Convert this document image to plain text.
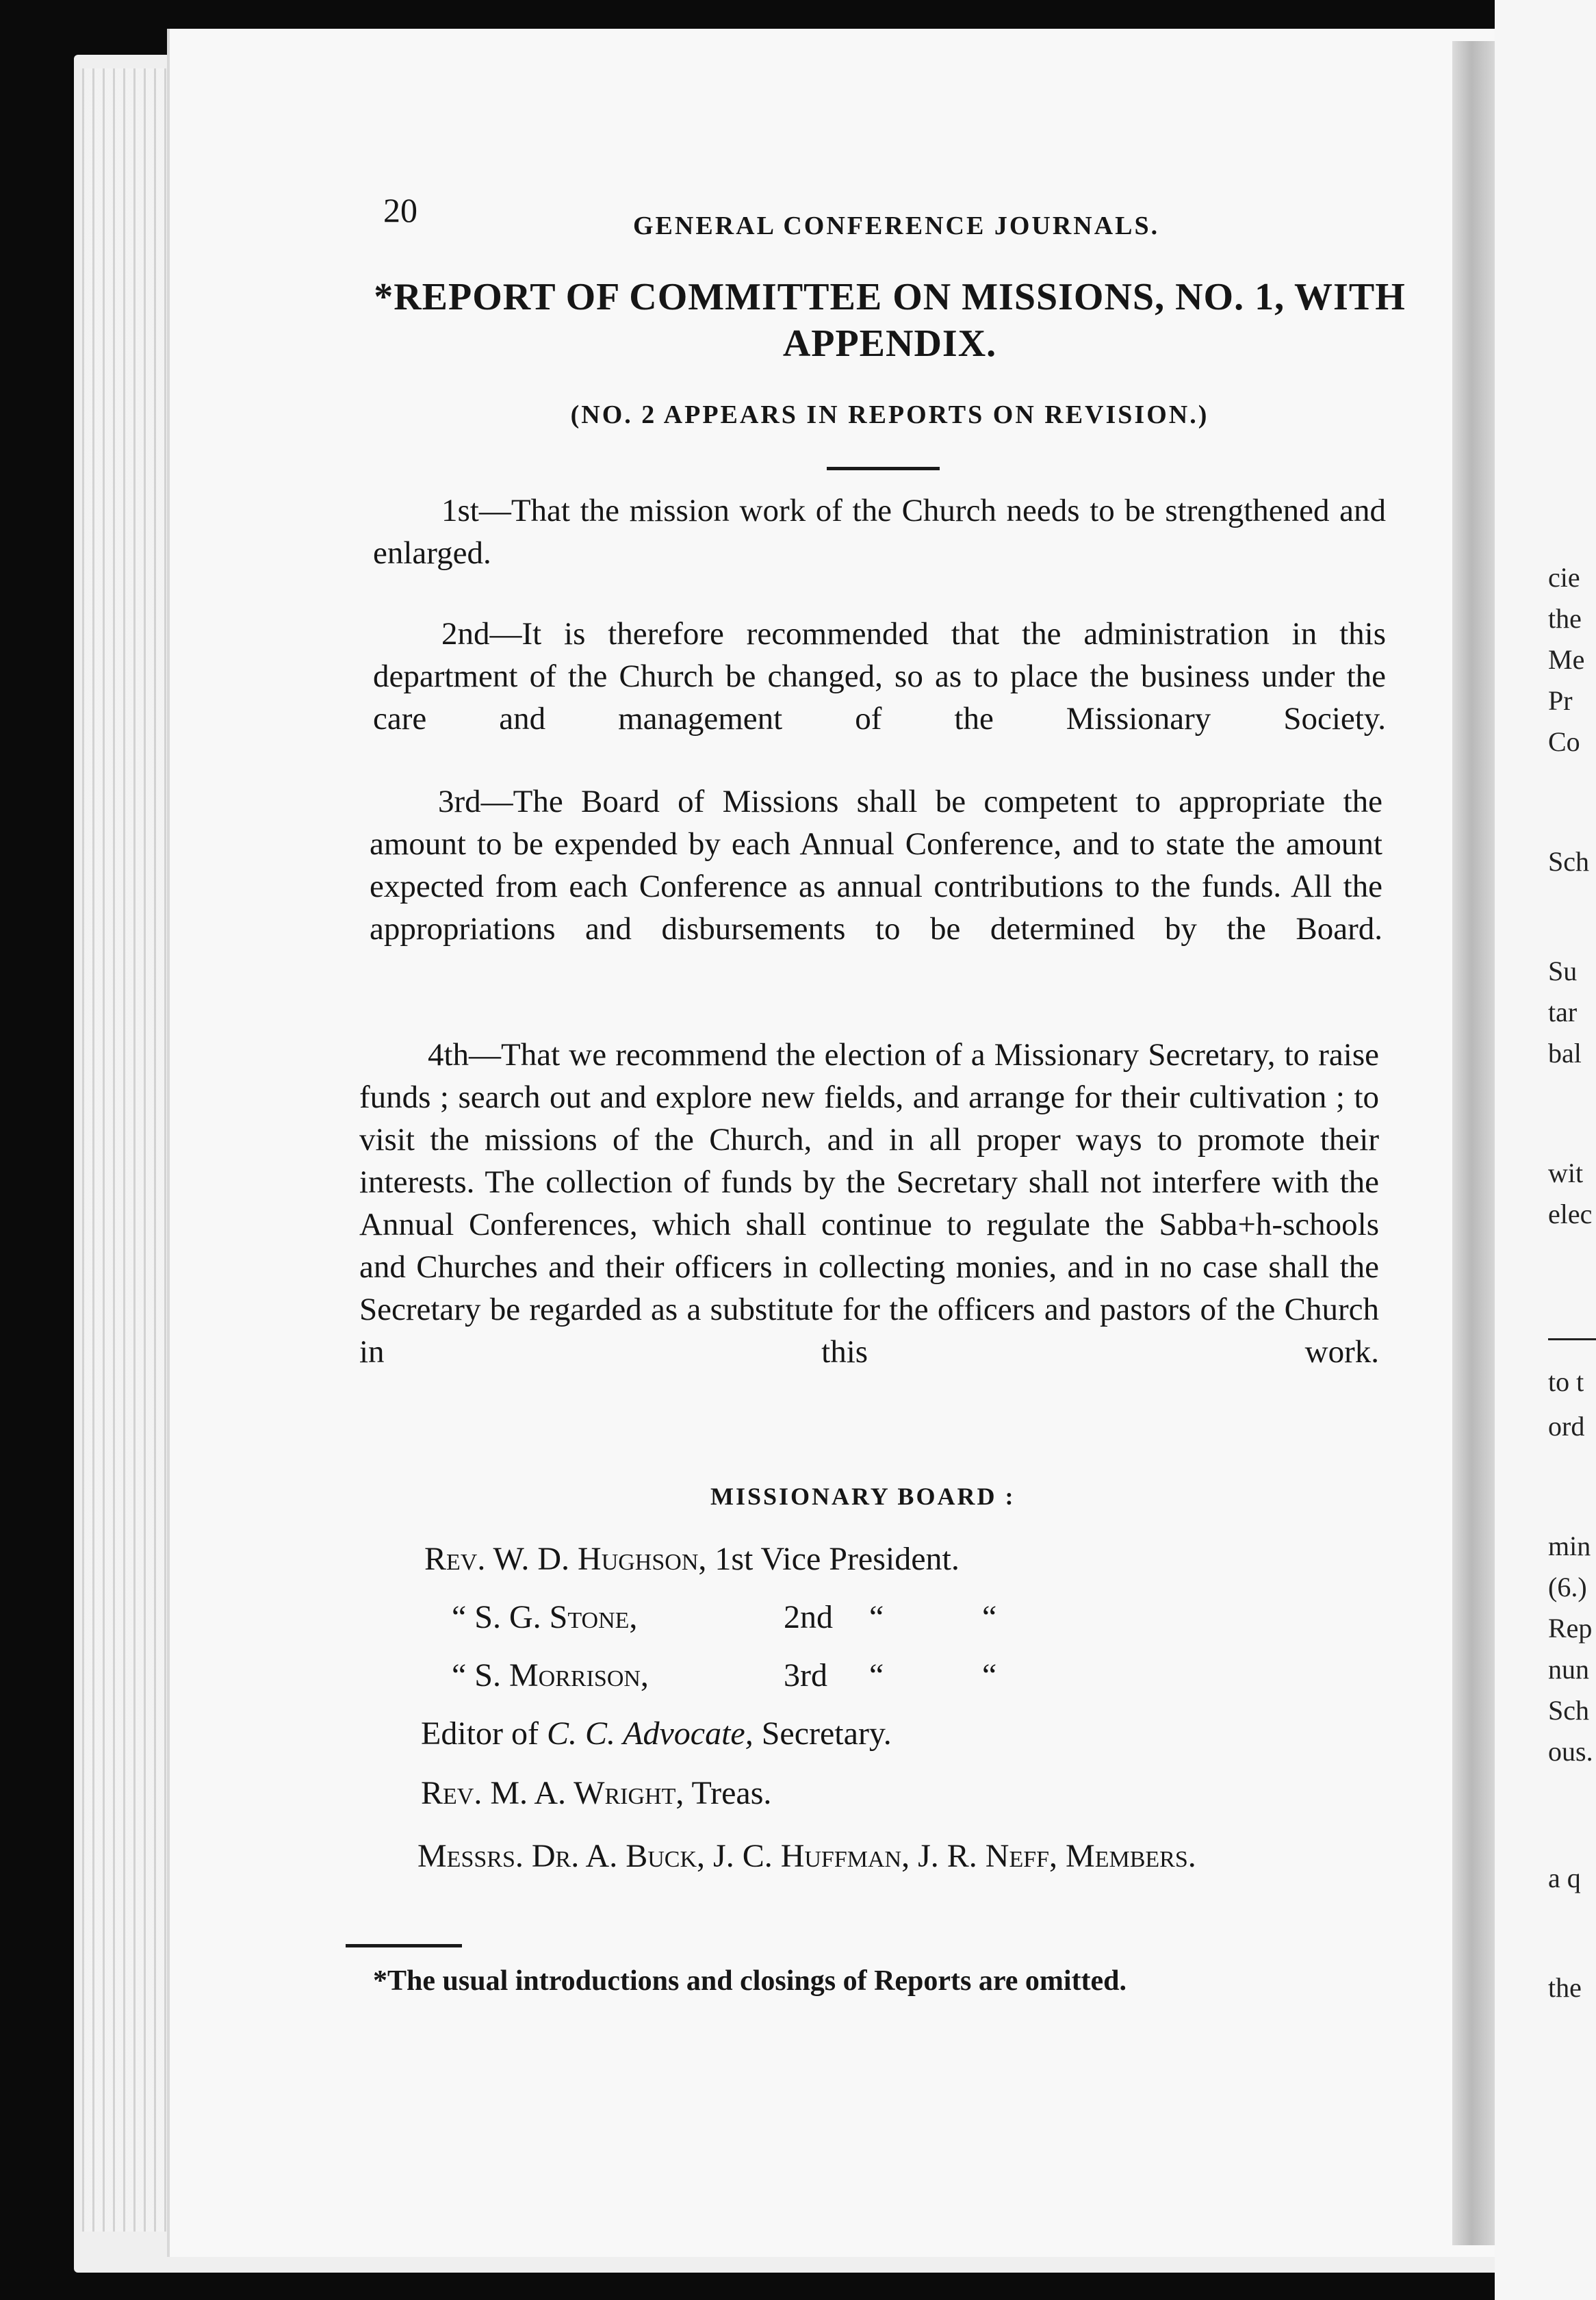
20	GENERAL CONFERENCE JOURNALS.
*REPORT OF COMMITTEE ON MISSIONS, NO. 1, WITH APPENDIX.
(NO. 2 APPEARS IN REPORTS ON REVISION.)
1st—That the mission work of the Church needs to be strengthened and enlarged.
2nd—It is therefore recommended that the administration in this department of the Church be changed, so as to place the business under the care and management of the Missionary Society.
3rd—The Board of Missions shall be competent to appropriate the amount to be expended by each Annual Conference, and to state the amount expected from each Conference as annual contributions to the funds. All the appropriations and disbursements to be determined by the Board.
4th—That we recommend the election of a Missionary Secretary, to raise funds ; search out and explore new fields, and arrange for their cultivation ; to visit the missions of the Church, and in all proper ways to promote their interests. The collection of funds by the Secretary shall not interfere with the Annual Conferences, which shall continue to regulate the Sabba+h-schools and Churches and their officers in collecting monies, and in no case shall the Secretary be regarded as a substitute for the officers and pastors of the Church in this work.
MISSIONARY BOARD :
Rev. W. D. Hughson, 1st Vice President.
“ S. G. Stone,	2nd “	“
“ S. Morrison,	3rd “	“
Editor of C. C. Advocate, Secretary.
Rev. M. A. Wright, Treas.
Messrs. Dr. A. Buck, J. C. Huffman, J. R. Neff, Members.
*The usual introductions and closings of Reports are omitted.
cie
the
Me
Pr
Co
Sch
Su
tar
bal
wit
elec
to t
ord
min
(6.)
Rep
nun
Sch
ous.
a q
the
